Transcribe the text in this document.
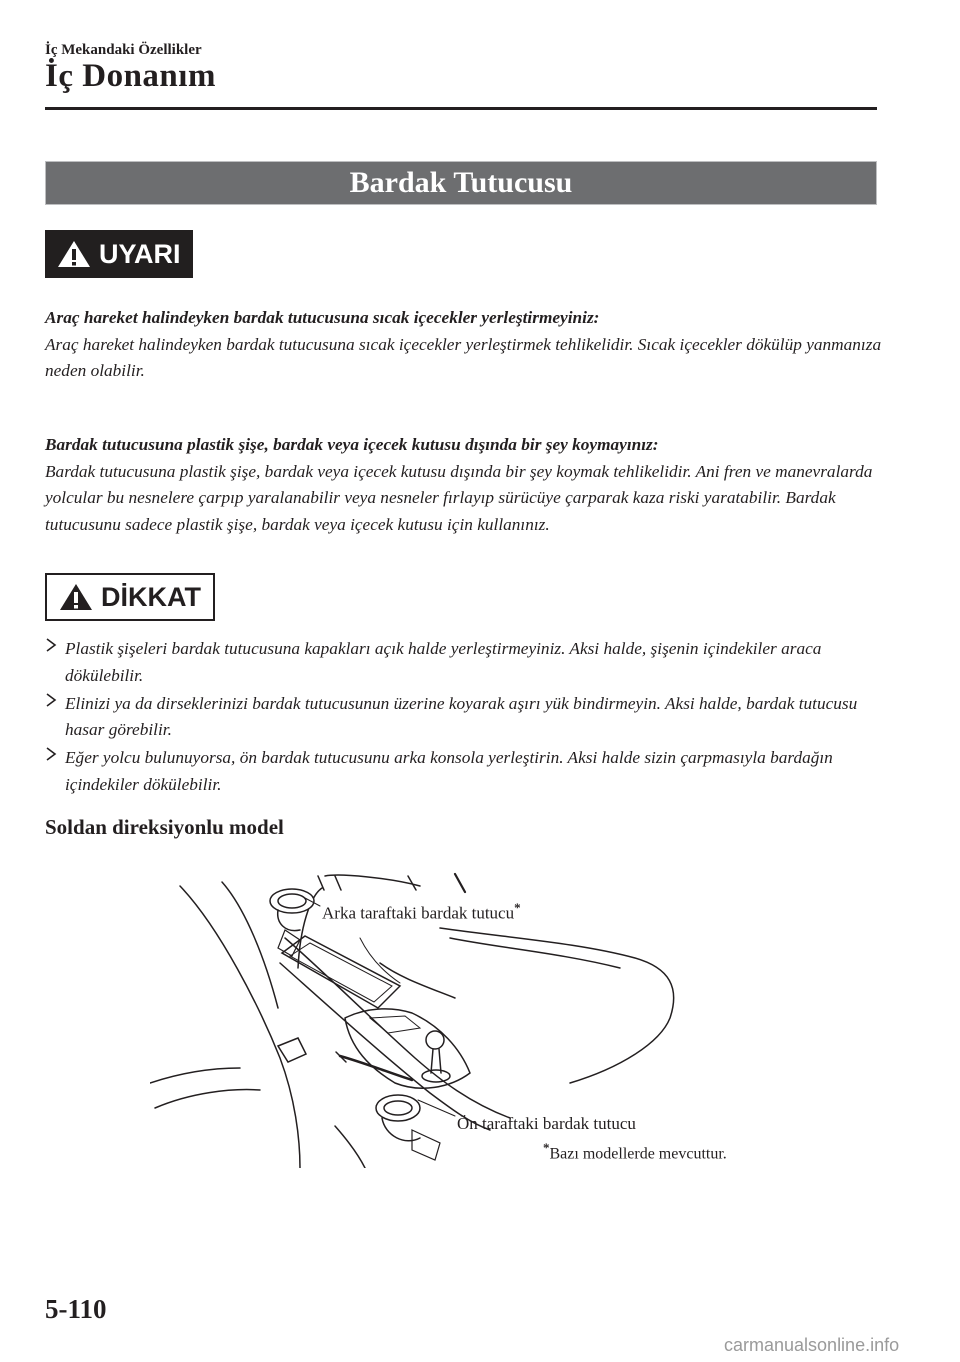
İç Mekandaki Özellikler
İç Donanım
Bardak Tutucusu
UYARI
Araç hareket halindeyken bardak tutucusuna sıcak içecekler yerleştirmeyiniz:
Araç hareket halindeyken bardak tutucusuna sıcak içecekler yerleştirmek tehlikelidir. Sıcak içecekler dökülüp yanmanıza neden olabilir.
Bardak tutucusuna plastik şişe, bardak veya içecek kutusu dışında bir şey koymayınız:
Bardak tutucusuna plastik şişe, bardak veya içecek kutusu dışında bir şey koymak tehlikelidir. Ani fren ve manevralarda yolcular bu nesnelere çarpıp yaralanabilir veya nesneler fırlayıp sürücüye çarparak kaza riski yaratabilir. Bardak tutucusunu sadece plastik şişe, bardak veya içecek kutusu için kullanınız.
DİKKAT
Plastik şişeleri bardak tutucusuna kapakları açık halde yerleştirmeyiniz. Aksi halde, şişenin içindekiler araca dökülebilir.
Elinizi ya da dirseklerinizi bardak tutucusunun üzerine koyarak aşırı yük bindirmeyin. Aksi halde, bardak tutucusu hasar görebilir.
Eğer yolcu bulunuyorsa, ön bardak tutucusunu arka konsola yerleştirin. Aksi halde sizin çarpmasıyla bardağın içindekiler dökülebilir.
Soldan direksiyonlu model
Arka taraftaki bardak tutucu*
Ön taraftaki bardak tutucu
*Bazı modellerde mevcuttur.
5-110
carmanualsonline.info
